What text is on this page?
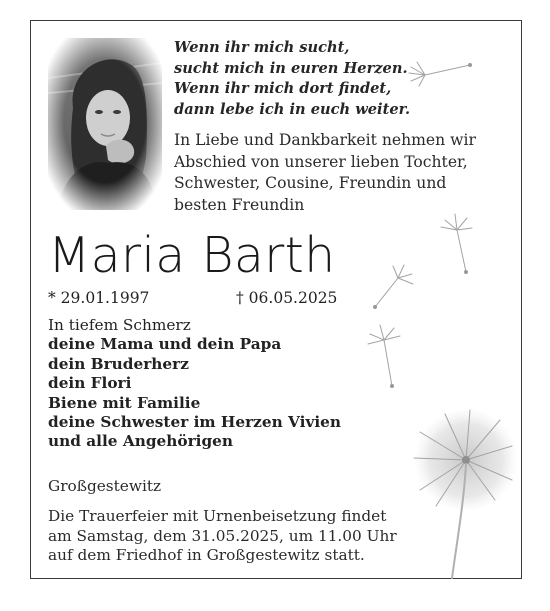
Wenn ihr mich sucht,
sucht mich in euren Herzen.
Wenn ihr mich dort findet,
dann lebe ich in euch weiter.
In Liebe und Dankbarkeit nehmen wir
Abschied von unserer lieben Tochter,
Schwester, Cousine, Freundin und
besten Freundin
Maria Barth
* 29.01.1997	† 06.05.2025
In tiefem Schmerz
deine Mama und dein Papa
dein Bruderherz
dein Flori
Biene mit Familie
deine Schwester im Herzen Vivien
und alle Angehörigen
Großgestewitz
Die Trauerfeier mit Urnenbeisetzung findet
am Samstag, dem 31.05.2025, um 11.00 Uhr
auf dem Friedhof in Großgestewitz statt.
